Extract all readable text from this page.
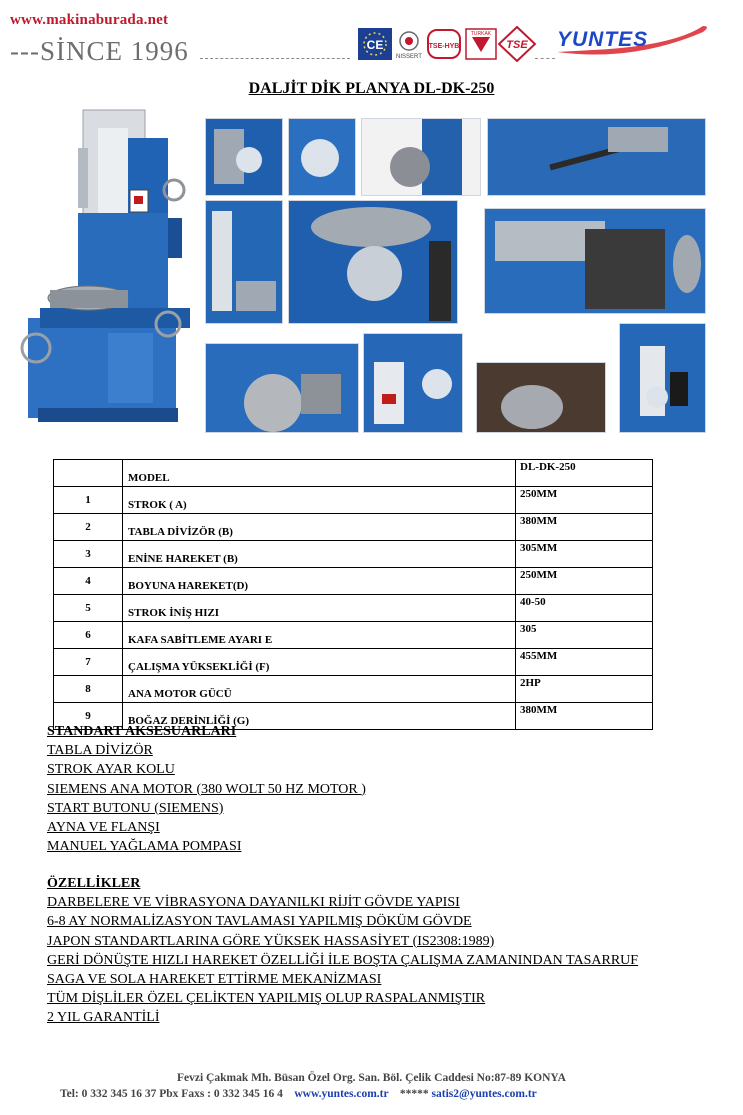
www.makinaburada.net
---SİNCE 1996	CE
NISSERT
TSE-HYB
TURKAK
TSE YUNTES
DALJİT DİK PLANYA DL-DK-250
	MODEL	DL-DK-250
1	STROK ( A)	250MM
2	TABLA DİVİZÖR (B)	380MM
3	ENİNE HAREKET (B)	305MM
4	BOYUNA HAREKET(D)	250MM
5	STROK İNİŞ HIZI	40-50
6	KAFA SABİTLEME AYARI E	305
7	ÇALIŞMA YÜKSEKLİĞİ (F)	455MM
8	ANA MOTOR GÜCÜ	2HP
9	BOĞAZ DERİNLİĞİ (G)	380MM
STANDART AKSESUARLARI
TABLA DİVİZÖR
STROK AYAR KOLU
SIEMENS ANA MOTOR (380 WOLT 50 HZ MOTOR )
START BUTONU (SIEMENS)
AYNA VE FLANŞI
MANUEL YAĞLAMA POMPASI
ÖZELLİKLER
DARBELERE VE VİBRASYONA DAYANILKI RİJİT GÖVDE YAPISI
6-8 AY NORMALİZASYON TAVLAMASI YAPILMIŞ DÖKÜM GÖVDE
JAPON STANDARTLARINA GÖRE YÜKSEK HASSASİYET (IS2308:1989)
GERİ DÖNÜŞTE HIZLI HAREKET ÖZELLİĞİ İLE BOŞTA ÇALIŞMA ZAMANINDAN TASARRUF
SAGA VE SOLA HAREKET ETTİRME MEKANİZMASI
TÜM DİŞLİLER ÖZEL ÇELİKTEN YAPILMIŞ OLUP RASPALANMIŞTIR
2 YIL GARANTİLİ
Fevzi Çakmak Mh. Büsan Özel Org. San. Böl. Çelik Caddesi No:87-89 KONYA
Tel: 0 332 345 16 37 Pbx Faxs : 0 332 345 16 4 www.yuntes.com.tr ***** satis2@yuntes.com.tr
